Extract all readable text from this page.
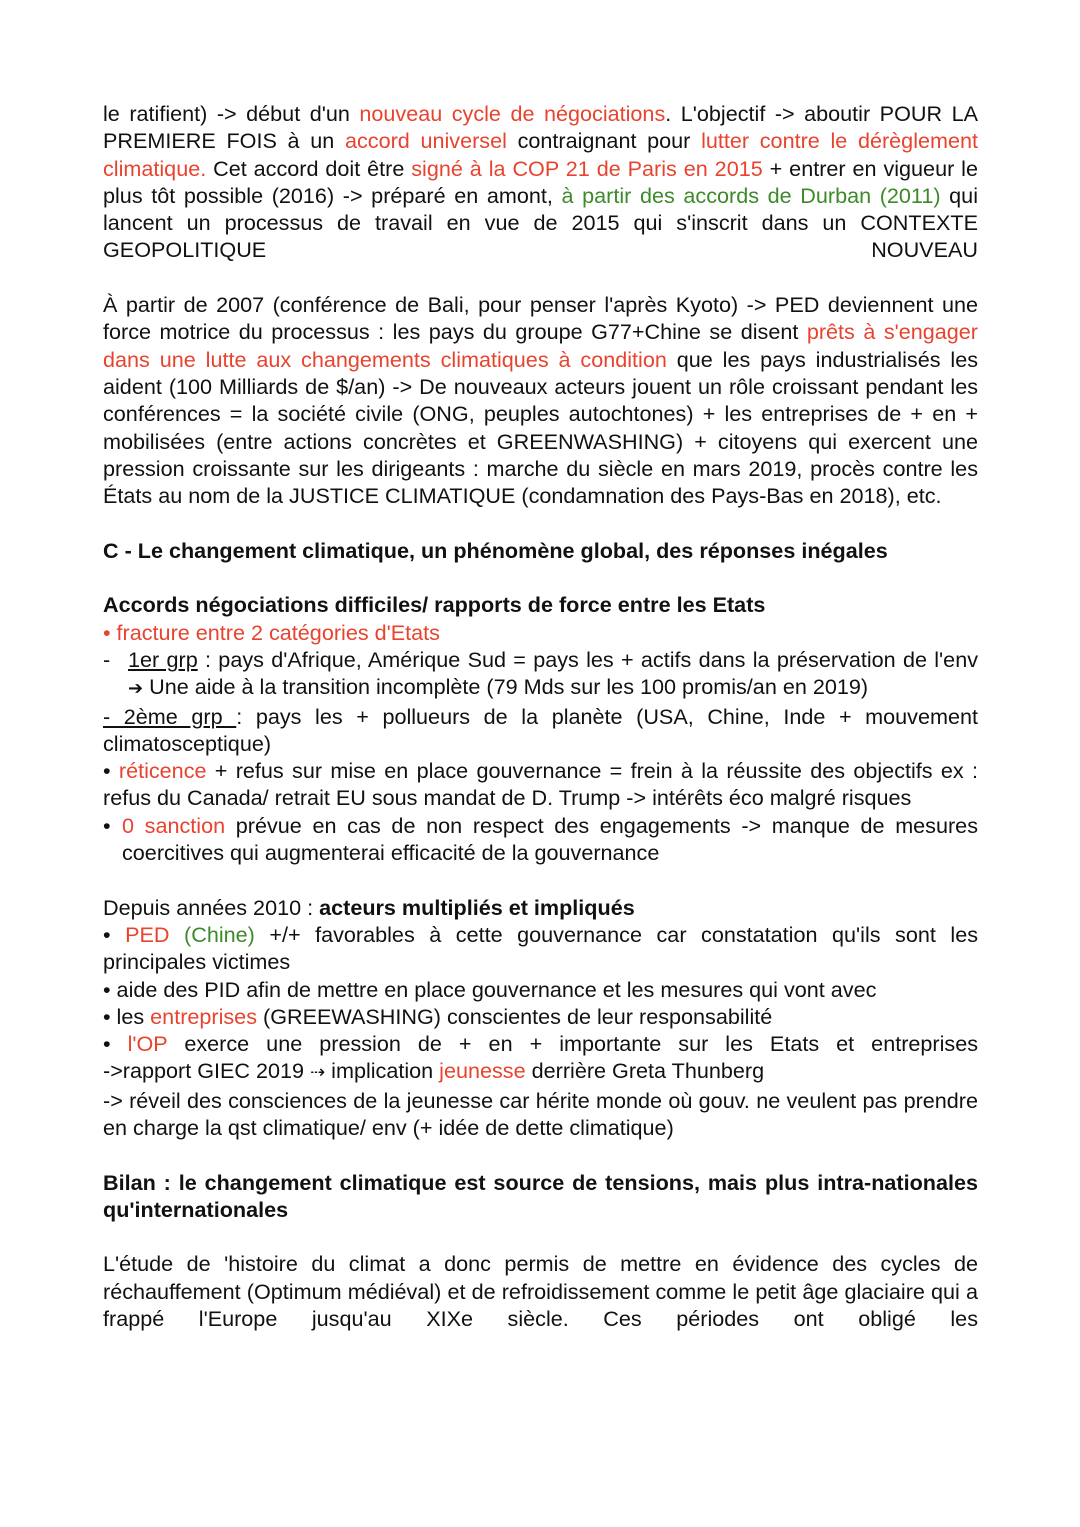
le ratifient) -> début d'un nouveau cycle de négociations. L'objectif -> aboutir POUR LA PREMIERE FOIS à un accord universel contraignant pour lutter contre le dérèglement climatique. Cet accord doit être signé à la COP 21 de Paris en 2015 + entrer en vigueur le plus tôt possible (2016) -> préparé en amont, à partir des accords de Durban (2011) qui lancent un processus de travail en vue de 2015 qui s'inscrit dans un CONTEXTE GEOPOLITIQUE NOUVEAU

À partir de 2007 (conférence de Bali, pour penser l'après Kyoto) -> PED deviennent une force motrice du processus : les pays du groupe G77+Chine se disent prêts à s'engager dans une lutte aux changements climatiques à condition que les pays industrialisés les aident (100 Milliards de $/an) -> De nouveaux acteurs jouent un rôle croissant pendant les conférences = la société civile (ONG, peuples autochtones) + les entreprises de + en + mobilisées (entre actions concrètes et GREENWASHING) + citoyens qui exercent une pression croissante sur les dirigeants : marche du siècle en mars 2019, procès contre les États au nom de la JUSTICE CLIMATIQUE (condamnation des Pays-Bas en 2018), etc.

C - Le changement climatique, un phénomène global, des réponses inégales

Accords négociations difficiles/ rapports de force entre les Etats

• fracture entre 2 catégories d'Etats

- 1er grp : pays d'Afrique, Amérique Sud = pays les + actifs dans la préservation de l'env ➔ Une aide à la transition incomplète (79 Mds sur les 100 promis/an en 2019)

- 2ème grp : pays les + pollueurs de la planète (USA, Chine, Inde + mouvement climatosceptique)

• réticence + refus sur mise en place gouvernance = frein à la réussite des objectifs ex : refus du Canada/ retrait EU sous mandat de D. Trump -> intérêts éco malgré risques

• 0 sanction prévue en cas de non respect des engagements -> manque de mesures coercitives qui augmenterai efficacité de la gouvernance

Depuis années 2010 : acteurs multipliés et impliqués

• PED (Chine) +/+ favorables à cette gouvernance car constatation qu'ils sont les principales victimes

• aide des PID afin de mettre en place gouvernance et les mesures qui vont avec

• les entreprises (GREEWASHING) conscientes de leur responsabilité

• l'OP exerce une pression de + en + importante sur les Etats et entreprises

->rapport GIEC 2019 ⇢ implication jeunesse derrière Greta Thunberg

-> réveil des consciences de la jeunesse car hérite monde où gouv. ne veulent pas prendre en charge la qst climatique/ env (+ idée de dette climatique)

Bilan : le changement climatique est source de tensions, mais plus intra-nationales qu'internationales

L'étude de 'histoire du climat a donc permis de mettre en évidence des cycles de réchauffement (Optimum médiéval) et de refroidissement comme le petit âge glaciaire qui a frappé l'Europe jusqu'au XIXe siècle. Ces périodes ont obligé les
